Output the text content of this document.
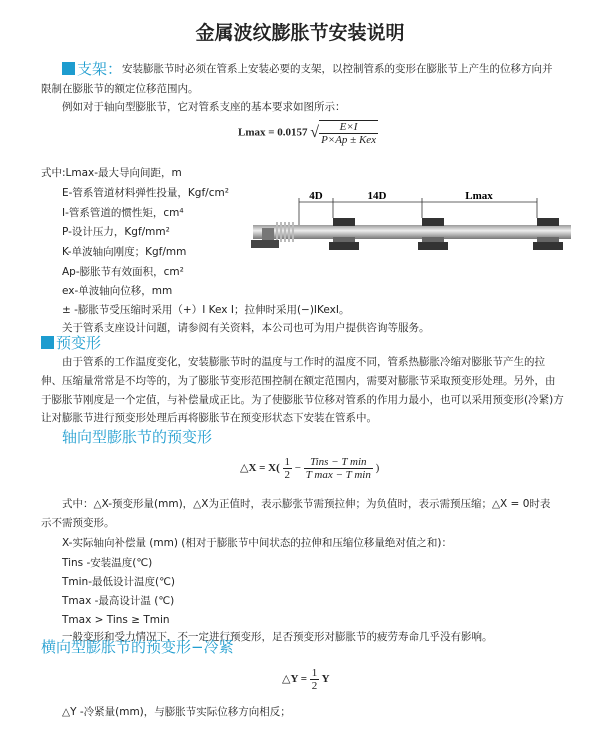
金属波纹膨胀节安装说明
支架： 安装膨胀节时必须在管系上安装必要的支架，以控制管系的变形在膨胀节上产生的位移方向并
限制在膨胀节的额定位移范围内。
例如对于轴向型膨胀节，它对管系支座的基本要求如图所示：
Lmax = 0.0157 √ $\frac{E\times I}{\text{P×Ap ± Kex}}$
式中:Lmax-最大导向间距，m
E-管系管道材料弹性投量，Kgf/cm²
I-管系管道的惯性矩，cm⁴
P-设计压力，Kgf/mm²
K-单波轴向刚度；Kgf/mm
Ap-膨胀节有效面积，cm²
ex-单波轴向位移，mm
± -膨胀节受压缩时采用（+）I Kex I；拉伸时采用(−)IKexI。
关于管系支座设计问题，请参阅有关资料，本公司也可为用户提供咨询等服务。
4D	14D	Lmax
预变形
由于管系的工作温度变化，安装膨胀节时的温度与工作时的温度不同，管系热膨胀冷缩对膨胀节产生的拉
伸、压缩量常常是不均等的，为了膨胀节变形范围控制在额定范围内，需要对膨胀节采取预变形处理。另外，由
于膨胀节刚度是一个定值，与补偿量成正比。为了使膨胀节位移对管系的作用力最小，也可以采用预变形(冷紧)方
让对膨胀节进行预变形处理后再将膨胀节在预变形状态下安装在管系中。
轴向型膨胀节的预变形
△X = $X( \frac{1}{2} - \frac{\text{Tins − T min}}{\text{T max − T min}}$ )
式中：△X-预变形量(mm)，△X为正值时，表示膨张节需预拉伸；为负值时，表示需预压缩；△X = 0时表
示不需预变形。
X-实际轴向补偿量 (mm) (相对于膨胀节中间状态的拉伸和压缩位移量绝对值之和)：
Tins -安装温度(℃)
Tmin-最低设计温度(℃)
Tmax -最高设计温 (℃)
Tmax > Tins ≥ Tmin
一般变形和受力情况下，不一定进行预变形，足否预变形对膨胀节的疲劳寿命几乎没有影响。
横向型膨胀节的预变形−冷紧
△Y = $\frac{1}{2}$ Y
△Y -冷紧量(mm)，与膨胀节实际位移方向相反；
